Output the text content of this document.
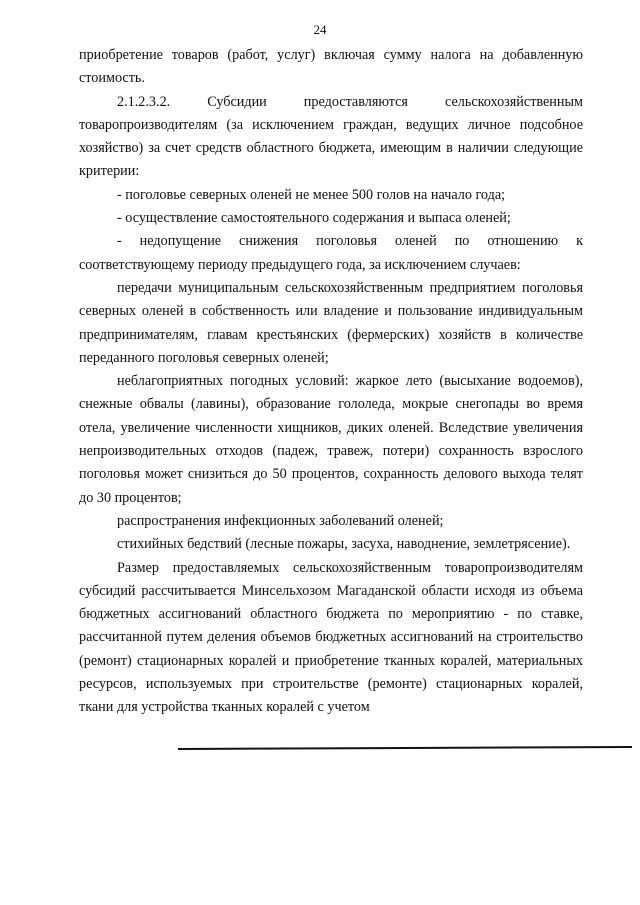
24

приобретение товаров (работ, услуг) включая сумму налога на добавленную стоимость.

2.1.2.3.2. Субсидии предоставляются сельскохозяйственным товаропроизводителям (за исключением граждан, ведущих личное подсобное хозяйство) за счет средств областного бюджета, имеющим в наличии следующие критерии:

- поголовье северных оленей не менее 500 голов на начало года;

- осуществление самостоятельного содержания и выпаса оленей;

- недопущение снижения поголовья оленей по отношению к соответствующему периоду предыдущего года, за исключением случаев:

передачи муниципальным сельскохозяйственным предприятием поголовья северных оленей в собственность или владение и пользование индивидуальным предпринимателям, главам крестьянских (фермерских) хозяйств в количестве переданного поголовья северных оленей;

неблагоприятных погодных условий: жаркое лето (высыхание водоемов), снежные обвалы (лавины), образование гололеда, мокрые снегопады во время отела, увеличение численности хищников, диких оленей. Вследствие увеличения непроизводительных отходов (падеж, травеж, потери) сохранность взрослого поголовья может снизиться до 50 процентов, сохранность делового выхода телят до 30 процентов;

распространения инфекционных заболеваний оленей;

стихийных бедствий (лесные пожары, засуха, наводнение, землетрясение).

Размер предоставляемых сельскохозяйственным товаропроизводителям субсидий рассчитывается Минсельхозом Магаданской области исходя из объема бюджетных ассигнований областного бюджета по мероприятию - по ставке, рассчитанной путем деления объемов бюджетных ассигнований на строительство (ремонт) стационарных коралей и приобретение тканных коралей, материальных ресурсов, используемых при строительстве (ремонте) стационарных коралей, ткани для устройства тканных коралей с учетом
